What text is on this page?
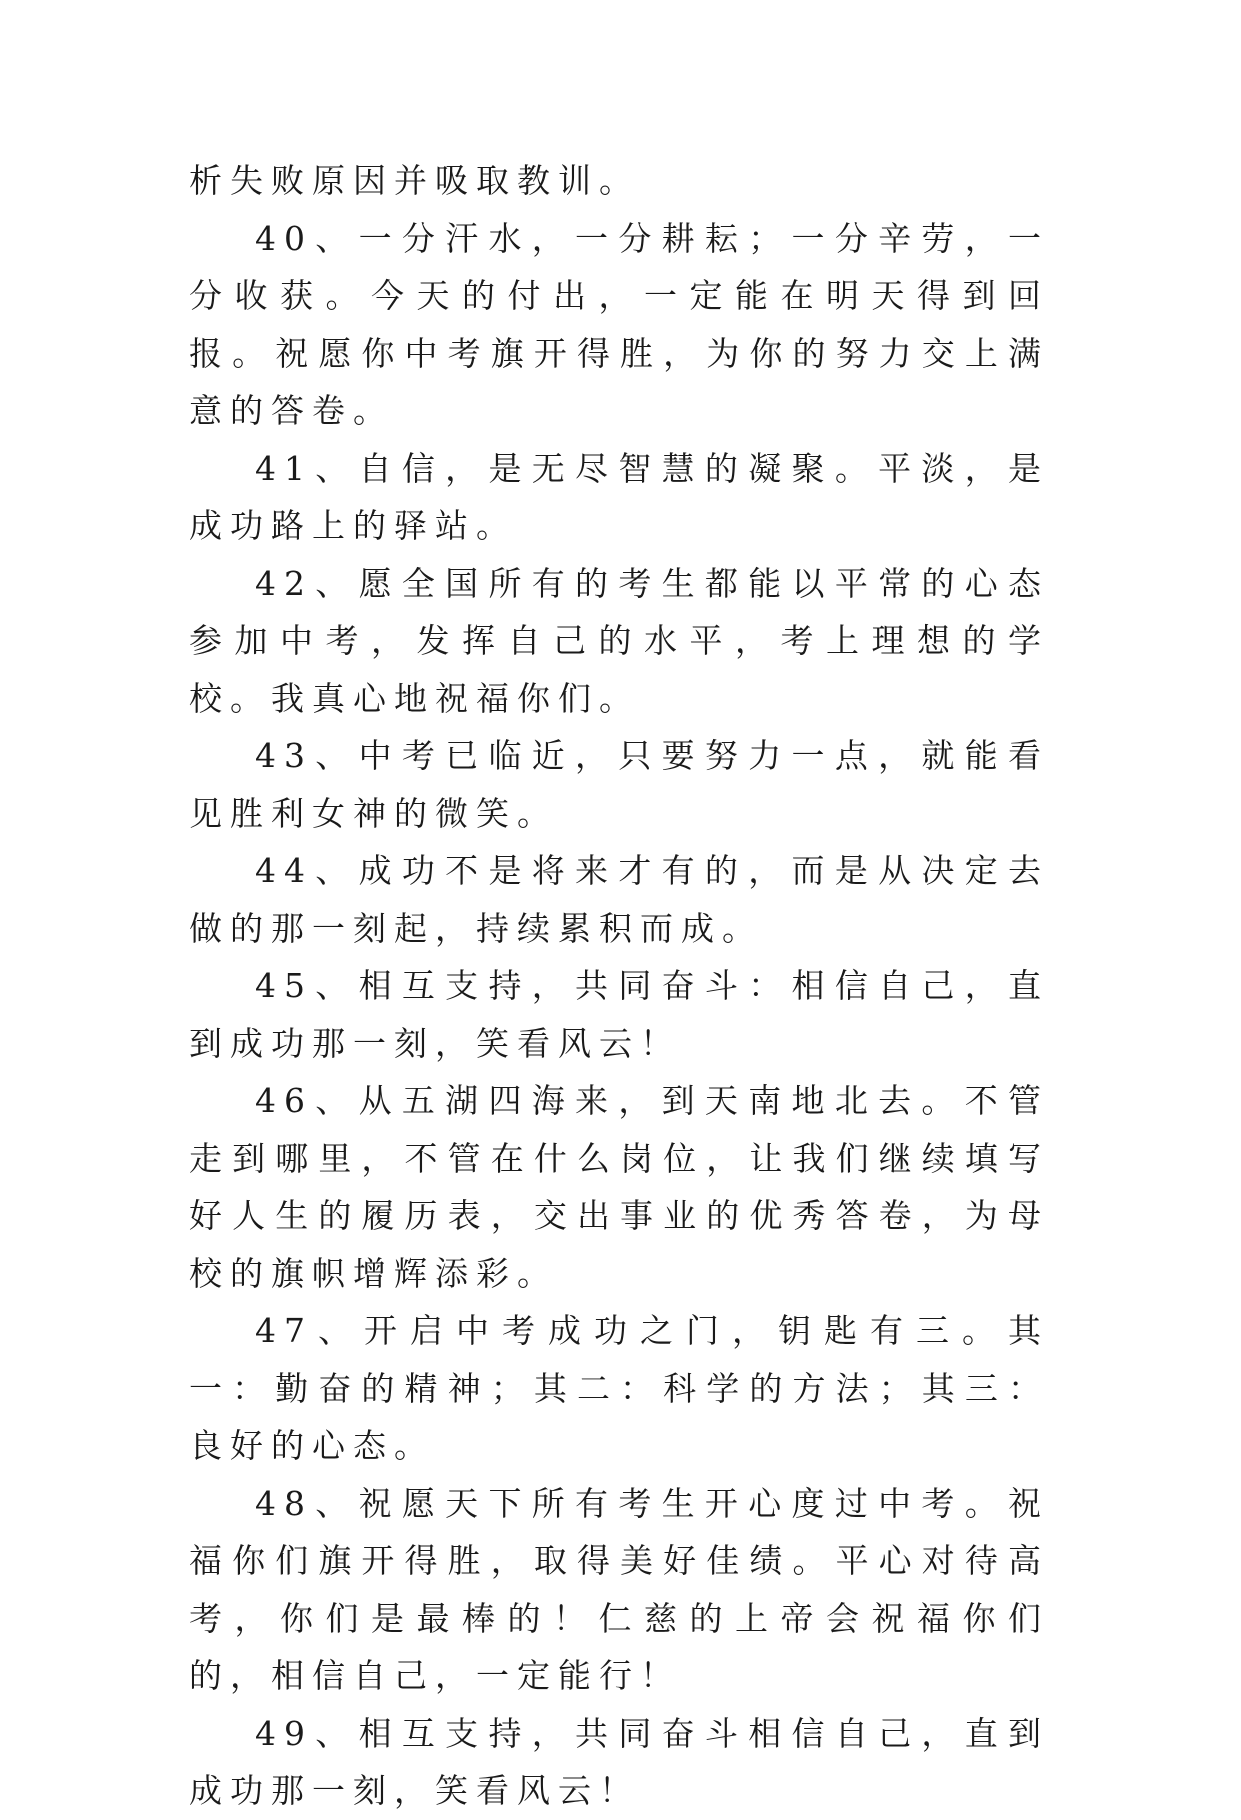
析失败原因并吸取教训。

40、一分汗水，一分耕耘；一分辛劳，一分收获。今天的付出，一定能在明天得到回报。祝愿你中考旗开得胜，为你的努力交上满意的答卷。

41、自信，是无尽智慧的凝聚。平淡，是成功路上的驿站。

42、愿全国所有的考生都能以平常的心态参加中考，发挥自己的水平，考上理想的学校。我真心地祝福你们。

43、中考已临近，只要努力一点，就能看见胜利女神的微笑。

44、成功不是将来才有的，而是从决定去做的那一刻起，持续累积而成。

45、相互支持，共同奋斗：相信自己，直到成功那一刻，笑看风云！

46、从五湖四海来，到天南地北去。不管走到哪里，不管在什么岗位，让我们继续填写好人生的履历表，交出事业的优秀答卷，为母校的旗帜增辉添彩。

47、开启中考成功之门，钥匙有三。其一：勤奋的精神；其二：科学的方法；其三：良好的心态。

48、祝愿天下所有考生开心度过中考。祝福你们旗开得胜，取得美好佳绩。平心对待高考，你们是最棒的！仁慈的上帝会祝福你们的，相信自己，一定能行！

49、相互支持，共同奋斗相信自己，直到成功那一刻，笑看风云！
